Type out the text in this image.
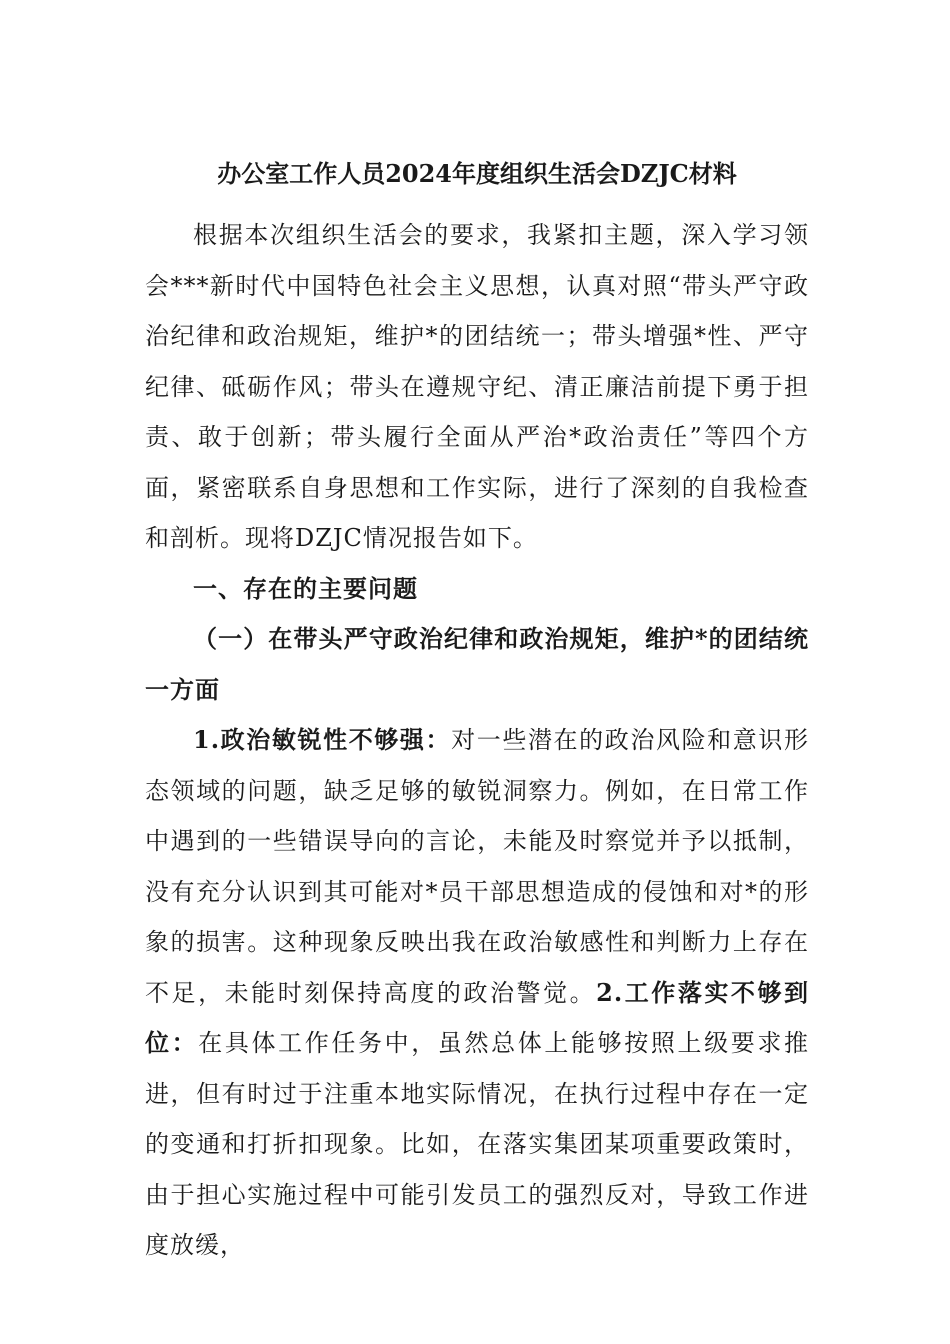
办公室工作人员2024年度组织生活会DZJC材料

根据本次组织生活会的要求，我紧扣主题，深入学习领会***新时代中国特色社会主义思想，认真对照“带头严守政治纪律和政治规矩，维护*的团结统一；带头增强*性、严守纪律、砥砺作风；带头在遵规守纪、清正廉洁前提下勇于担责、敢于创新；带头履行全面从严治*政治责任”等四个方面，紧密联系自身思想和工作实际，进行了深刻的自我检查和剖析。现将DZJC情况报告如下。

一、存在的主要问题

（一）在带头严守政治纪律和政治规矩，维护*的团结统一方面

1.政治敏锐性不够强：对一些潜在的政治风险和意识形态领域的问题，缺乏足够的敏锐洞察力。例如，在日常工作中遇到的一些错误导向的言论，未能及时察觉并予以抵制，没有充分认识到其可能对*员干部思想造成的侵蚀和对*的形象的损害。这种现象反映出我在政治敏感性和判断力上存在不足，未能时刻保持高度的政治警觉。2.工作落实不够到位：在具体工作任务中，虽然总体上能够按照上级要求推进，但有时过于注重本地实际情况，在执行过程中存在一定的变通和打折扣现象。比如，在落实集团某项重要政策时，由于担心实施过程中可能引发员工的强烈反对，导致工作进度放缓，
